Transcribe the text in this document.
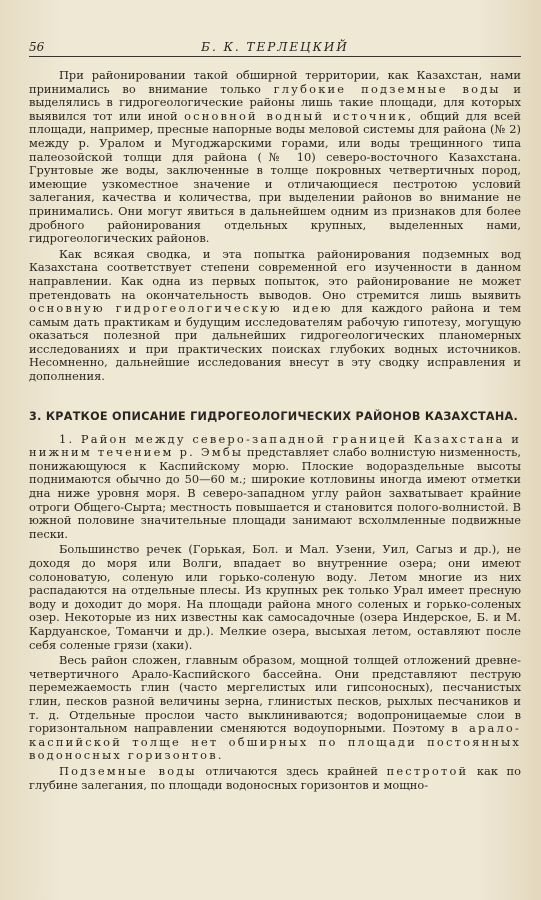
56	Б. К. ТЕРЛЕЦКИЙ

При районировании такой обширной территории, как Казахстан, нами принимались во внимание только глубокие подземные воды и выделялись в гидрогеологические районы лишь такие площади, для которых выявился тот или иной основной водный источник, общий для всей площади, например, пресные напорные воды меловой системы для района (№ 2) между р. Уралом и Мугоджарскими горами, или воды трещинного типа палеозойской толщи для района (№ 10) северо-восточного Казахстана. Грунтовые же воды, заключенные в толще покровных четвертичных пород, имеющие узкоместное значение и отличающиеся пестротою условий залегания, качества и количества, при выделении районов во внимание не принимались. Они могут явиться в дальнейшем одним из признаков для более дробного районирования отдельных крупных, выделенных нами, гидрогеологических районов.

Как всякая сводка, и эта попытка районирования подземных вод Казахстана соответствует степени современной его изученности в данном направлении. Как одна из первых попыток, это районирование не может претендовать на окончательность выводов. Оно стремится лишь выявить основную гидрогеологическую идею для каждого района и тем самым дать практикам и будущим исследователям рабочую гипотезу, могущую оказаться полезной при дальнейших гидрогеологических планомерных исследованиях и при практических поисках глубоких водных источников. Несомненно, дальнейшие исследования внесут в эту сводку исправления и дополнения.

3. КРАТКОЕ ОПИСАНИЕ ГИДРОГЕОЛОГИЧЕСКИХ РАЙОНОВ КАЗАХСТАНА.

1. Район между северо-западной границей Казахстана и нижним течением р. Эмбы представляет слабо волнистую низменность, понижающуюся к Каспийскому морю. Плоские водораздельные высоты поднимаются обычно до 50—60 м.; широкие котловины иногда имеют отметки дна ниже уровня моря. В северо-западном углу район захватывает крайние отроги Общего-Сырта; местность повышается и становится полого-волнистой. В южной половине значительные площади занимают всхолмленные подвижные пески.

Большинство речек (Горькая, Бол. и Мал. Узени, Уил, Сагыз и др.), не доходя до моря или Волги, впадает во внутренние озера; они имеют солоноватую, соленую или горько-соленую воду. Летом многие из них распадаются на отдельные плесы. Из крупных рек только Урал имеет пресную воду и доходит до моря. На площади района много соленых и горько-соленых озер. Некоторые из них известны как самосадочные (озера Индерское, Б. и М. Кардуанское, Томанчи и др.). Мелкие озера, высыхая летом, оставляют после себя соленые грязи (хаки).

Весь район сложен, главным образом, мощной толщей отложений древне-четвертичного Арало-Каспийского бассейна. Они представляют пеструю перемежаемость глин (часто мергелистых или гипсоносных), песчанистых глин, песков разной величины зерна, глинистых песков, рыхлых песчаников и т. д. Отдельные прослои часто выклиниваются; водопроницаемые слои в горизонтальном направлении сменяются водоупорными. Поэтому в арало-каспийской толще нет обширных по площади постоянных водоносных горизонтов.

Подземные воды отличаются здесь крайней пестротой как по глубине залегания, по площади водоносных горизонтов и мощно-
